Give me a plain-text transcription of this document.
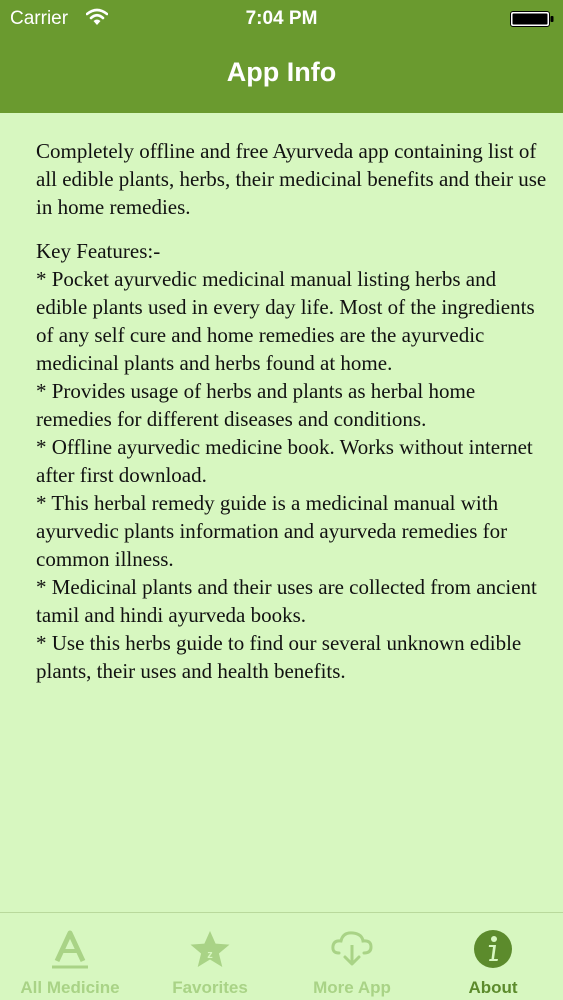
Carrier	7:04 PM
App Info

Completely offline and free Ayurveda app containing list of all edible plants, herbs, their medicinal benefits and their use in home remedies.

Key Features:-

* Pocket ayurvedic medicinal manual listing herbs and edible plants used in every day life. Most of the ingredients of any self cure and home remedies are the ayurvedic medicinal plants and herbs found at home.

* Provides usage of herbs and plants as herbal home remedies for different diseases and conditions.

* Offline ayurvedic medicine book. Works without internet after first download.

* This herbal remedy guide is a medicinal manual with ayurvedic plants information and ayurveda remedies for common illness.

* Medicinal plants and their uses are collected from ancient tamil and hindi ayurveda books.

* Use this herbs guide to find our several unknown edible plants, their uses and health benefits.

All Medicine
z
Favorites	More App	About
